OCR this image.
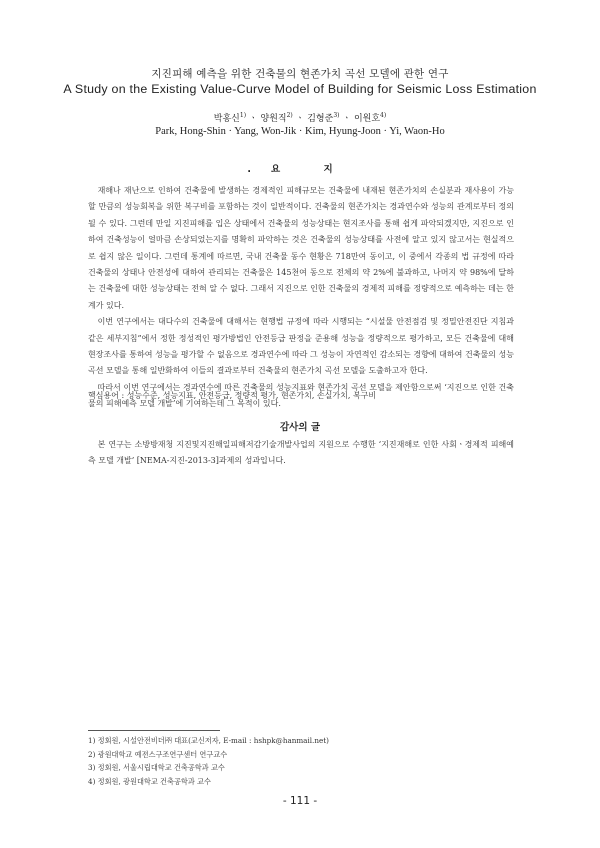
지진피해 예측을 위한 건축물의 현존가치 곡선 모델에 관한 연구
A Study on the Existing Value-Curve Model of Building for Seismic Loss Estimation
박홍신$^{1)}$ ㆍ 양원직$^{2)}$ ㆍ 김형준$^{3)}$ ㆍ 이원호$^{4)}$
Park, Hong-Shin · Yang, Won-Jik · Kim, Hyung-Joon · Yi, Waon-Ho
.요 지

재해나 재난으로 인하여 건축물에 발생하는 경제적인 피해규모는 건축물에 내재된 현존가치의 손실분과 재사용이 가능할 만큼의 성능회복을 위한 복구비를 포함하는 것이 일반적이다. 건축물의 현존가치는 경과연수와 성능의 관계로부터 정의될 수 있다. 그런데 만일 지진피해를 입은 상태에서 건축물의 성능상태는 현지조사를 통해 쉽게 파악되겠지만, 지진으로 인하여 건축성능이 얼마큼 손상되었는지를 명확히 파악하는 것은 건축물의 성능상태를 사전에 알고 있지 않고서는 현실적으로 쉽지 않은 일이다. 그런데 통계에 따르면, 국내 건축물 동수 현황은 718만여 동이고, 이 중에서 각종의 법 규정에 따라 건축물의 상태나 안전성에 대하여 관리되는 건축물은 145천여 동으로 전체의 약 2%에 불과하고, 나머지 약 98%에 달하는 건축물에 대한 성능상태는 전혀 알 수 없다. 그래서 지진으로 인한 건축물의 경제적 피해를 정량적으로 예측하는 데는 한계가 있다.

이번 연구에서는 대다수의 건축물에 대해서는 현행법 규정에 따라 시행되는 “시설물 안전점검 및 정밀안전진단 지침과 같은 세부지침”에서 정한 정성적인 평가방법인 안전등급 판정을 준용해 성능을 정량적으로 평가하고, 모든 건축물에 대해 현장조사를 통하여 성능을 평가할 수 없음으로 경과연수에 따라 그 성능이 자연적인 감소되는 경향에 대하여 건축물의 성능곡선 모델을 통해 일반화하여 이들의 결과로부터 건축물의 현존가치 곡선 모델을 도출하고자 한다.

따라서 이번 연구에서는 경과연수에 따른 건축물의 성능지표와 현존가치 곡선 모델을 제안함으로써 ‘지진으로 인한 건축물의 피해예측 모델 개발’에 기여하는데 그 목적이 있다.

핵심용어 : 성능수준, 성능지표, 안전등급, 정량적 평가, 현존가치, 손실가치, 복구비
감사의 글

본 연구는 소방방재청 지진및지진해일피해저감기술개발사업의 지원으로 수행한 ‘지진재해로 인한 사회ㆍ경제적 피해예측 모델 개발’ [NEMA-지진-2013-3]과제의 성과입니다.

1) 정회원, 시설안전비더㈜ 대표(교신저자, E-mail : hshpk@hanmail.net)
2) 광원대학교 예젼스구조연구센터 연구교수
3) 정회원, 서울시립대학교 건축공학과 교수
4) 정회원, 광원대학교 건축공학과 교수
- 111 -
